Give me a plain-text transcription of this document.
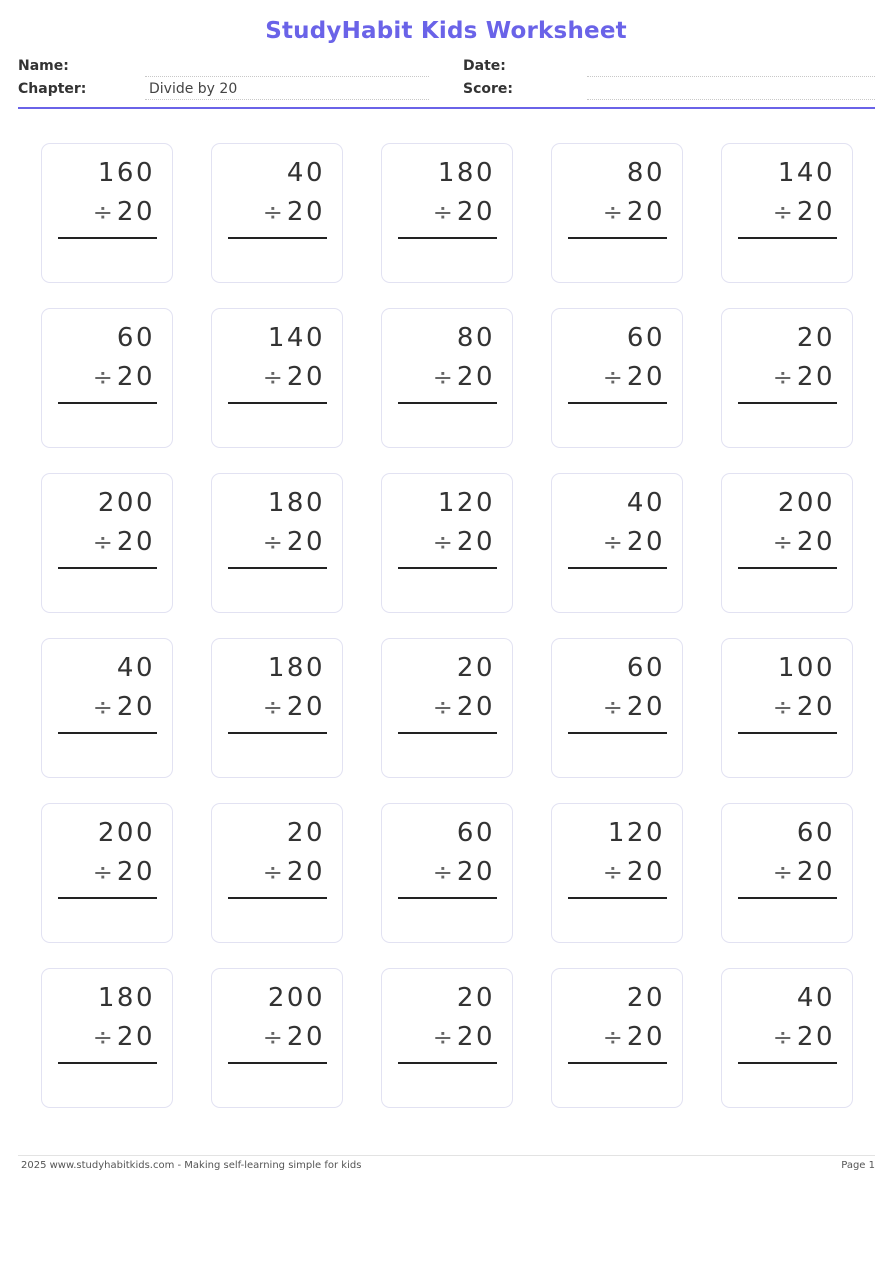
StudyHabit Kids Worksheet
Name:	Date:
Chapter:	Divide by 20	Score:
160
÷20
40
÷20
180
÷20
80
÷20
140
÷20
60
÷20
140
÷20
80
÷20
60
÷20
20
÷20
200
÷20
180
÷20
120
÷20
40
÷20
200
÷20
40
÷20
180
÷20
20
÷20
60
÷20
100
÷20
200
÷20
20
÷20
60
÷20
120
÷20
60
÷20
180
÷20
200
÷20
20
÷20
20
÷20
40
÷20
2025 www.studyhabitkids.com - Making self-learning simple for kids	Page 1
